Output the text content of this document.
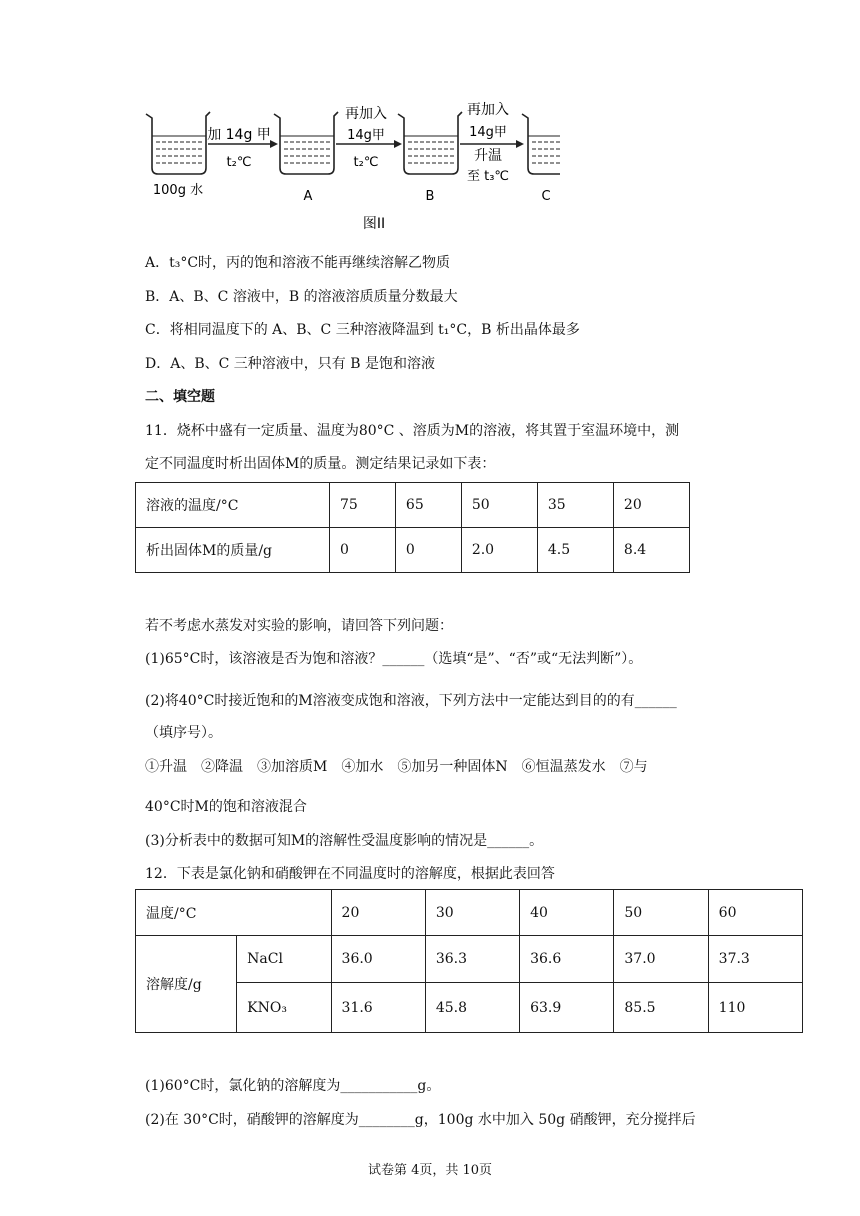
加 14g 甲
t₂℃
再加入
14g甲
t₂℃
再加入
14g甲
升温
至 t₃℃
100g 水	A	B	C
图II
A．t₃°C时，丙的饱和溶液不能再继续溶解乙物质
B．A、B、C 溶液中，B 的溶液溶质质量分数最大
C．将相同温度下的 A、B、C 三种溶液降温到 t₁°C，B 析出晶体最多
D．A、B、C 三种溶液中，只有 B 是饱和溶液
二、填空题
11．烧杯中盛有一定质量、温度为80°C 、溶质为M的溶液，将其置于室温环境中，测
定不同温度时析出固体M的质量。测定结果记录如下表：
溶液的温度/°C	75	65	50	35	20
析出固体M的质量/g	0	0	2.0	4.5	8.4
若不考虑水蒸发对实验的影响，请回答下列问题：
(1)65°C时，该溶液是否为饱和溶液？______（选填“是”、“否”或“无法判断”）。
(2)将40°C时接近饱和的M溶液变成饱和溶液，下列方法中一定能达到目的的有______
（填序号）。
①升温　②降温　③加溶质M　④加水　⑤加另一种固体N　⑥恒温蒸发水　⑦与
40°C时M的饱和溶液混合
(3)分析表中的数据可知M的溶解性受温度影响的情况是______。
12．下表是氯化钠和硝酸钾在不同温度时的溶解度，根据此表回答
温度/°C		20	30	40	50	60
溶解度/g	NaCl	36.0	36.3	36.6	37.0	37.3
	KNO₃	31.6	45.8	63.9	85.5	110
(1)60°C时，氯化钠的溶解度为___________g。
(2)在 30°C时，硝酸钾的溶解度为________g，100g 水中加入 50g 硝酸钾，充分搅拌后
试卷第 4页，共 10页
